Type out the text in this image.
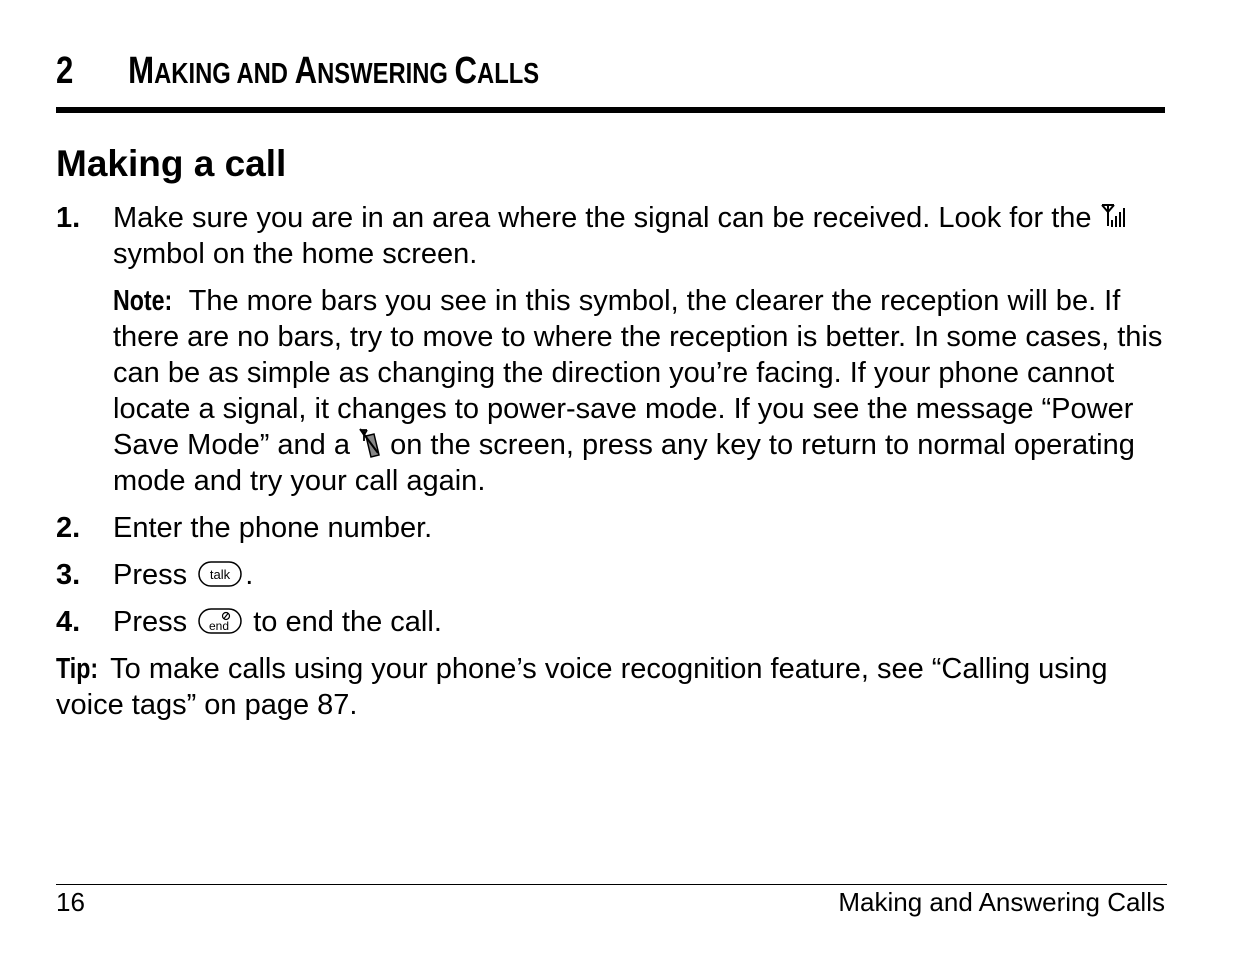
2 MAKING AND ANSWERING CALLS
Making a call
1. Make sure you are in an area where the signal can be received. Look for the  symbol on the home screen.
Note: The more bars you see in this symbol, the clearer the reception will be. If there are no bars, try to move to where the reception is better. In some cases, this can be as simple as changing the direction you’re facing. If your phone cannot locate a signal, it changes to power-save mode. If you see the message “Power Save Mode” and a  on the screen, press any key to return to normal operating mode and try your call again.
2. Enter the phone number.
3. Press talk .
4. Press end to end the call.
Tip: To make calls using your phone’s voice recognition feature, see “Calling using voice tags” on page 87.
16	Making and Answering Calls
